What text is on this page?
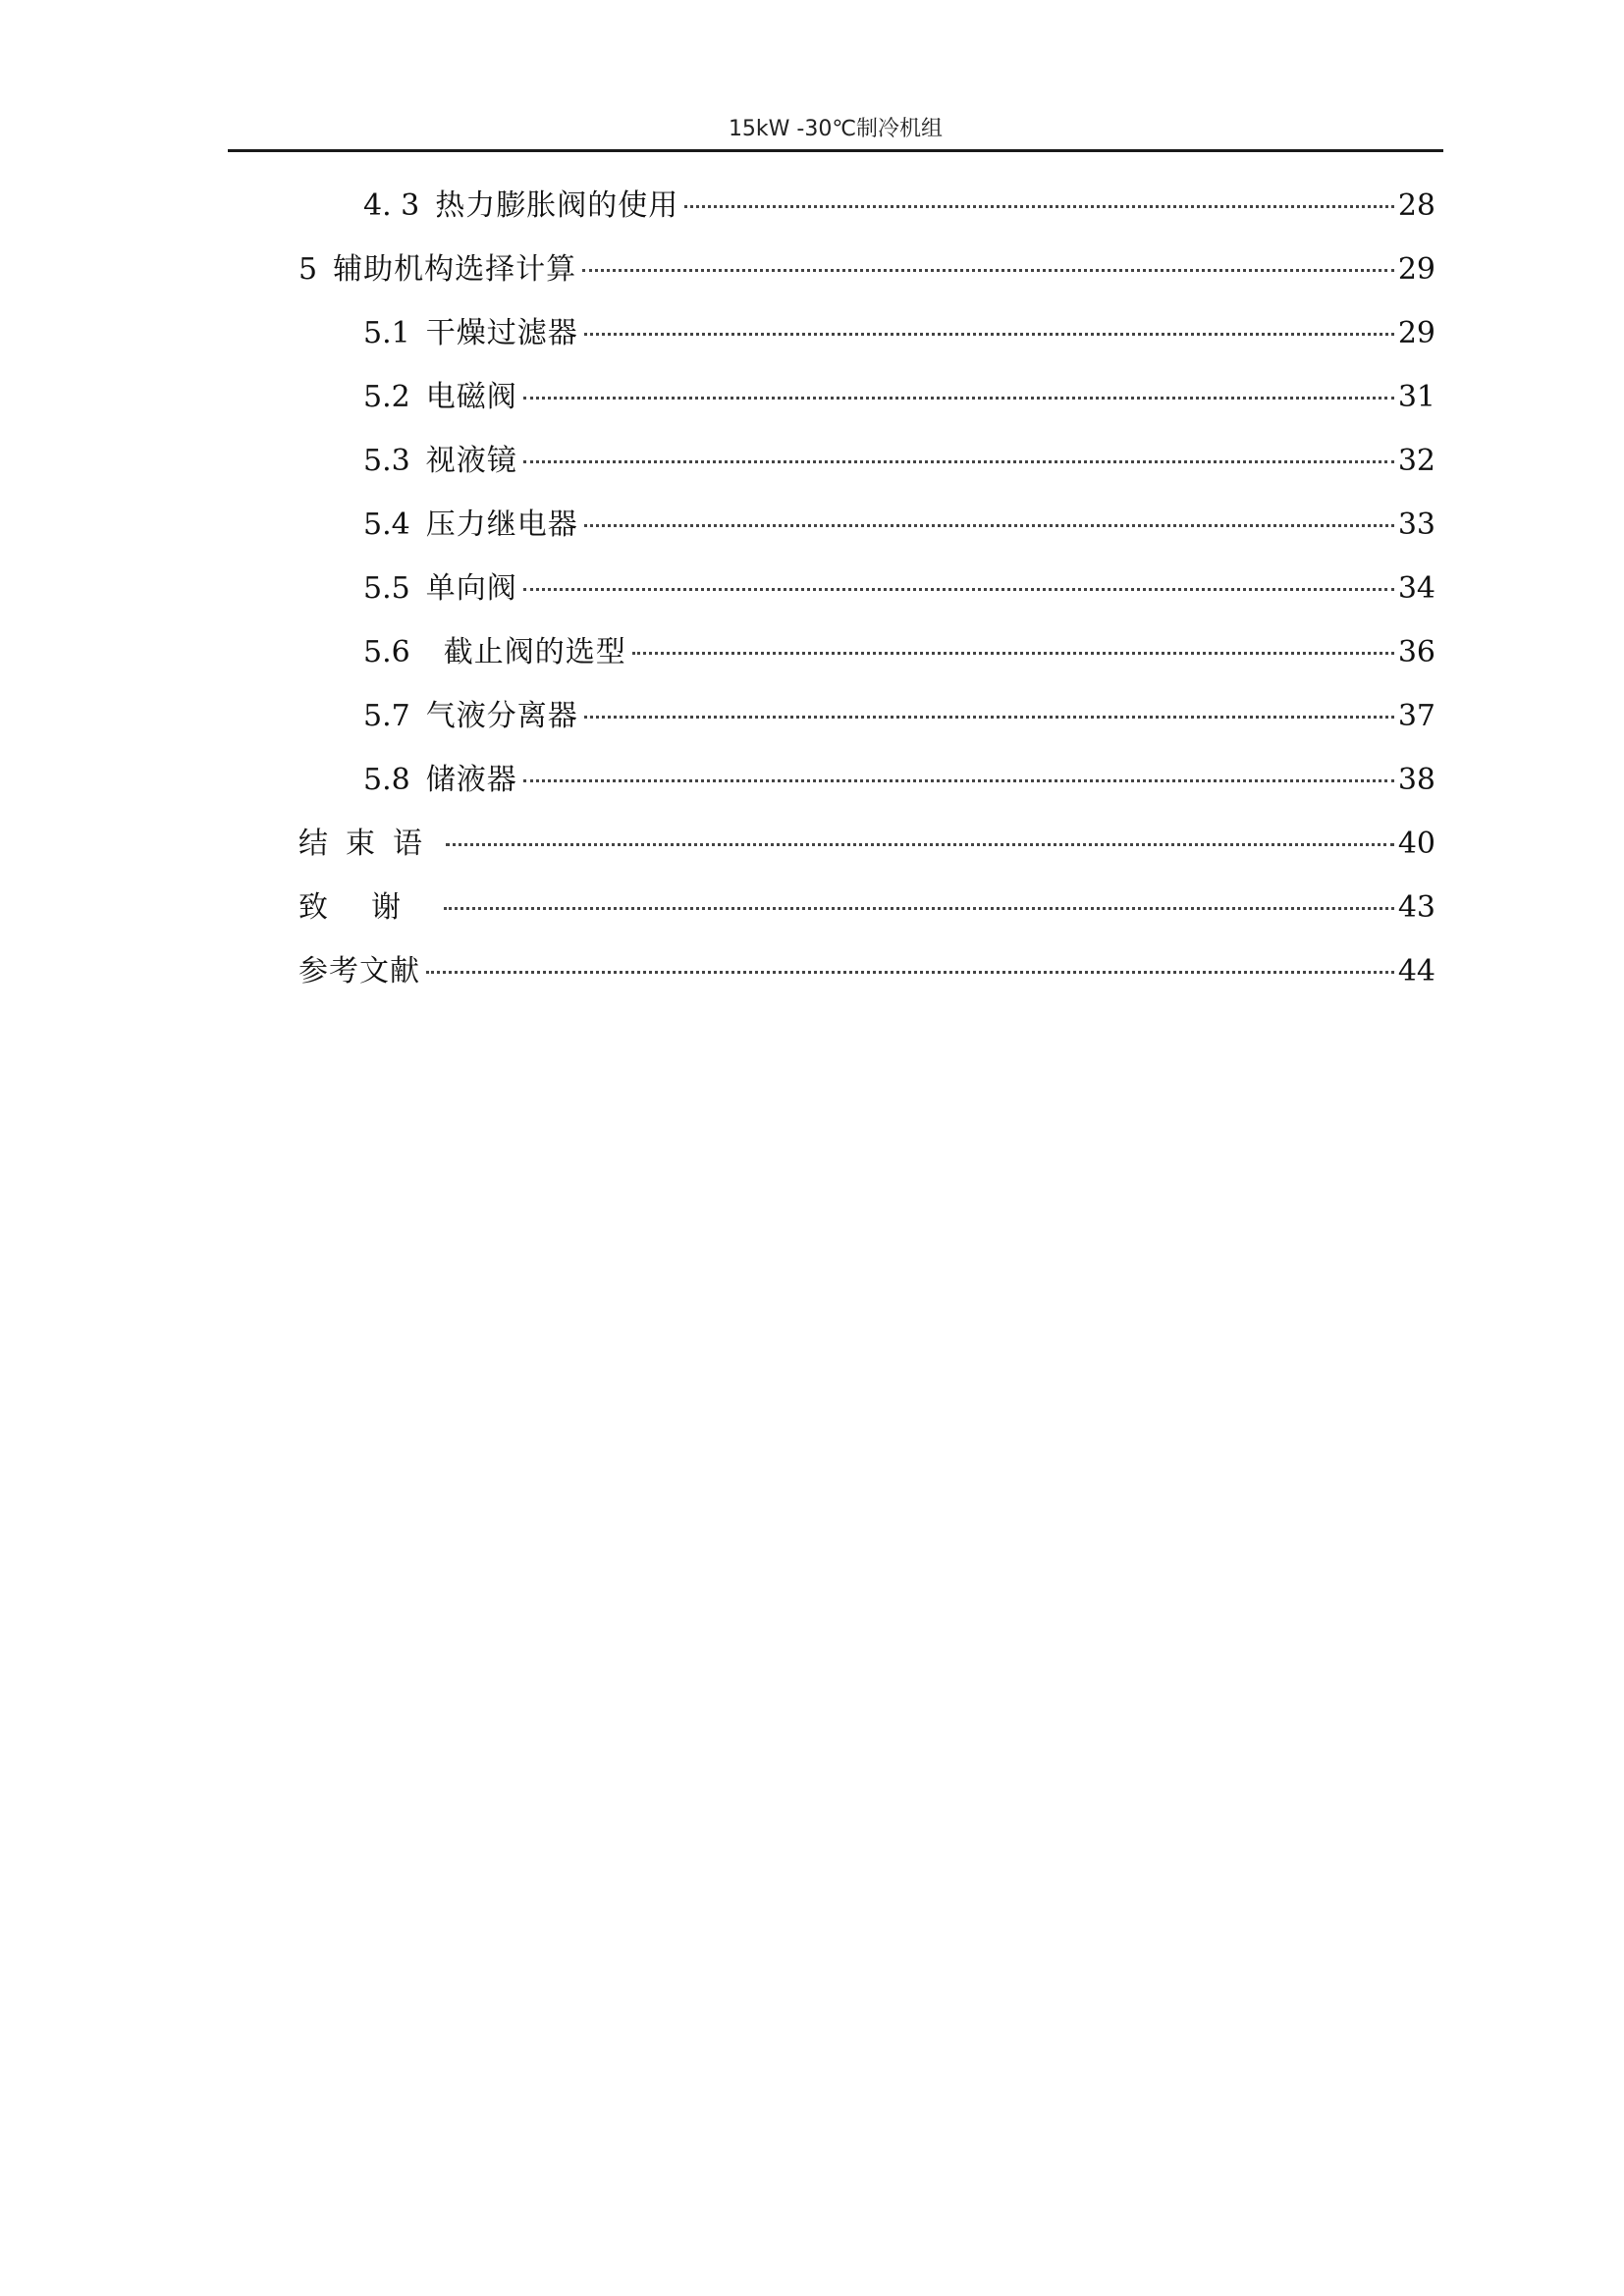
15kW -30℃制冷机组
4. 3 热力膨胀阀的使用	28
5 辅助机构选择计算	29
5.1 干燥过滤器	29
5.2 电磁阀	31
5.3 视液镜	32
5.4 压力继电器	33
5.5 单向阀	34
5.6 截止阀的选型	36
5.7 气液分离器	37
5.8 储液器	38
结束语	40
致谢	43
参考文献	44
